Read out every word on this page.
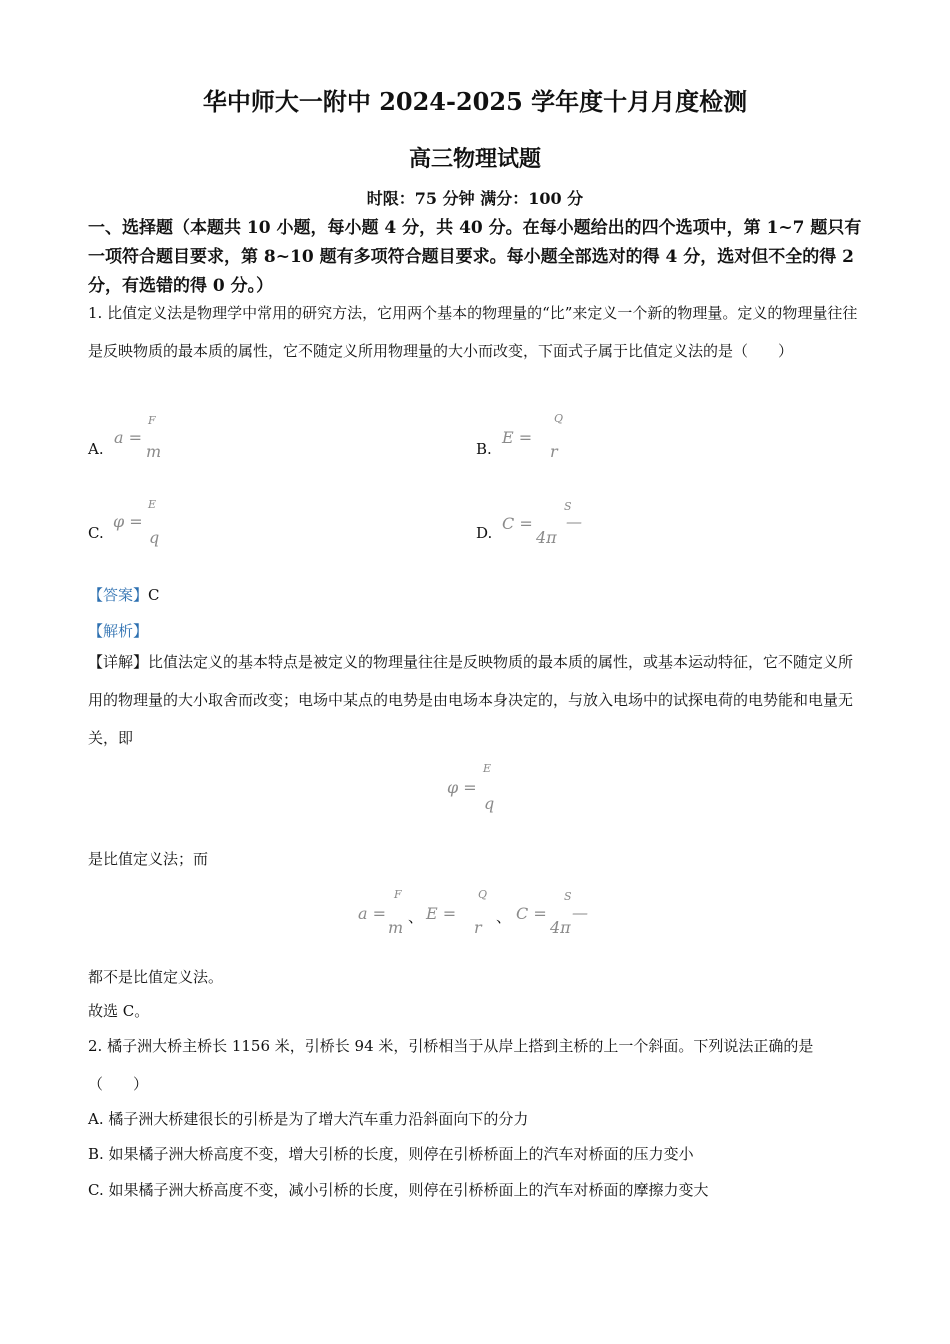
华中师大一附中 2024-2025 学年度十月月度检测
高三物理试题
时限：75 分钟 满分：100 分
一、选择题（本题共 10 小题，每小题 4 分，共 40 分。在每小题给出的四个选项中，第 1~7 题只有一项符合题目要求，第 8~10 题有多项符合题目要求。每小题全部选对的得 4 分，选对但不全的得 2 分，有选错的得 0 分。）
1. 比值定义法是物理学中常用的研究方法，它用两个基本的物理量的“比”来定义一个新的物理量。定义的物理量往往是反映物质的最本质的属性，它不随定义所用物理量的大小而改变，下面式子属于比值定义法的是（　　）
A.
a =
F
m	B.
E =
Q
r
C.
φ =
E
q	D. C =
S
4π
—
【答案】C
【解析】
【详解】比值法定义的基本特点是被定义的物理量往往是反映物质的最本质的属性，或基本运动特征，它不随定义所用的物理量的大小取舍而改变；电场中某点的电势是由电场本身决定的，与放入电场中的试探电荷的电势能和电量无关，即
φ =
E
q
是比值定义法；而
a =
F
m
、 E =
Q
r
、 C =
S
4π
—
都不是比值定义法。
故选 C。
2. 橘子洲大桥主桥长 1156 米，引桥长 94 米，引桥相当于从岸上搭到主桥的上一个斜面。下列说法正确的是（　　）
A. 橘子洲大桥建很长的引桥是为了增大汽车重力沿斜面向下的分力
B. 如果橘子洲大桥高度不变，增大引桥的长度，则停在引桥桥面上的汽车对桥面的压力变小
C. 如果橘子洲大桥高度不变，减小引桥的长度，则停在引桥桥面上的汽车对桥面的摩擦力变大
